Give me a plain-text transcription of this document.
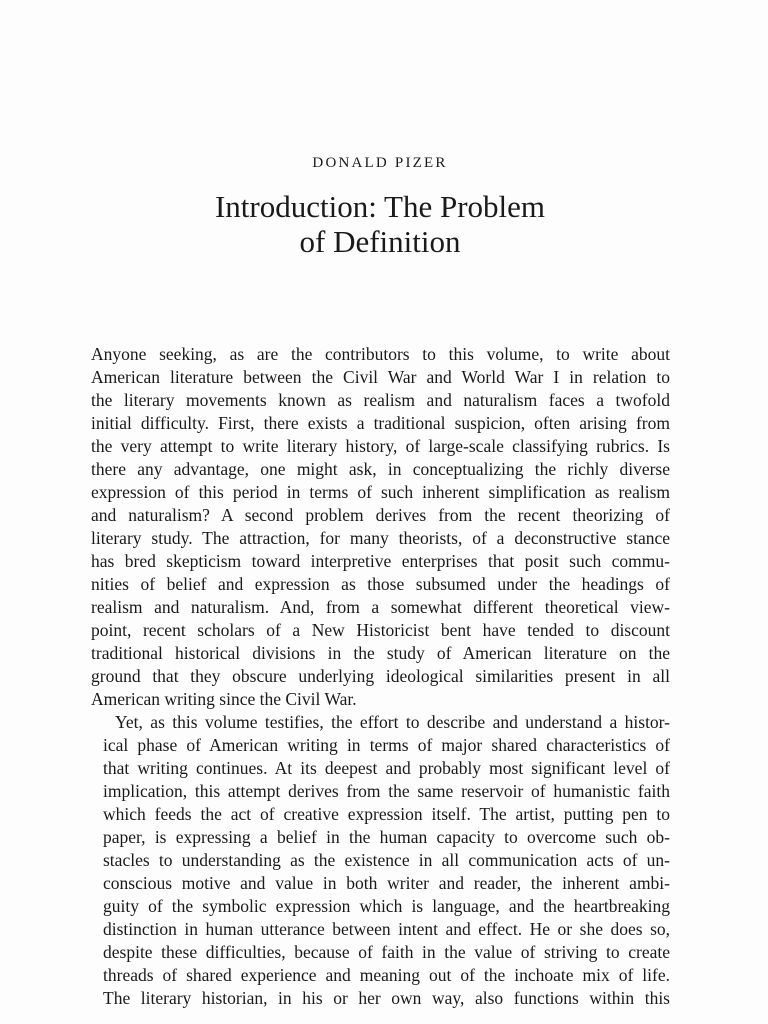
DONALD PIZER
Introduction: The Problem
of Definition

Anyone seeking, as are the contributors to this volume, to write about
American literature between the Civil War and World War I in relation to
the literary movements known as realism and naturalism faces a twofold
initial difficulty. First, there exists a traditional suspicion, often arising from
the very attempt to write literary history, of large-scale classifying rubrics. Is
there any advantage, one might ask, in conceptualizing the richly diverse
expression of this period in terms of such inherent simplification as realism
and naturalism? A second problem derives from the recent theorizing of
literary study. The attraction, for many theorists, of a deconstructive stance
has bred skepticism toward interpretive enterprises that posit such commu-
nities of belief and expression as those subsumed under the headings of
realism and naturalism. And, from a somewhat different theoretical view-
point, recent scholars of a New Historicist bent have tended to discount
traditional historical divisions in the study of American literature on the
ground that they obscure underlying ideological similarities present in all
American writing since the Civil War.

Yet, as this volume testifies, the effort to describe and understand a histor-
ical phase of American writing in terms of major shared characteristics of
that writing continues. At its deepest and probably most significant level of
implication, this attempt derives from the same reservoir of humanistic faith
which feeds the act of creative expression itself. The artist, putting pen to
paper, is expressing a belief in the human capacity to overcome such ob-
stacles to understanding as the existence in all communication acts of un-
conscious motive and value in both writer and reader, the inherent ambi-
guity of the symbolic expression which is language, and the heartbreaking
distinction in human utterance between intent and effect. He or she does so,
despite these difficulties, because of faith in the value of striving to create
threads of shared experience and meaning out of the inchoate mix of life.
The literary historian, in his or her own way, also functions within this
